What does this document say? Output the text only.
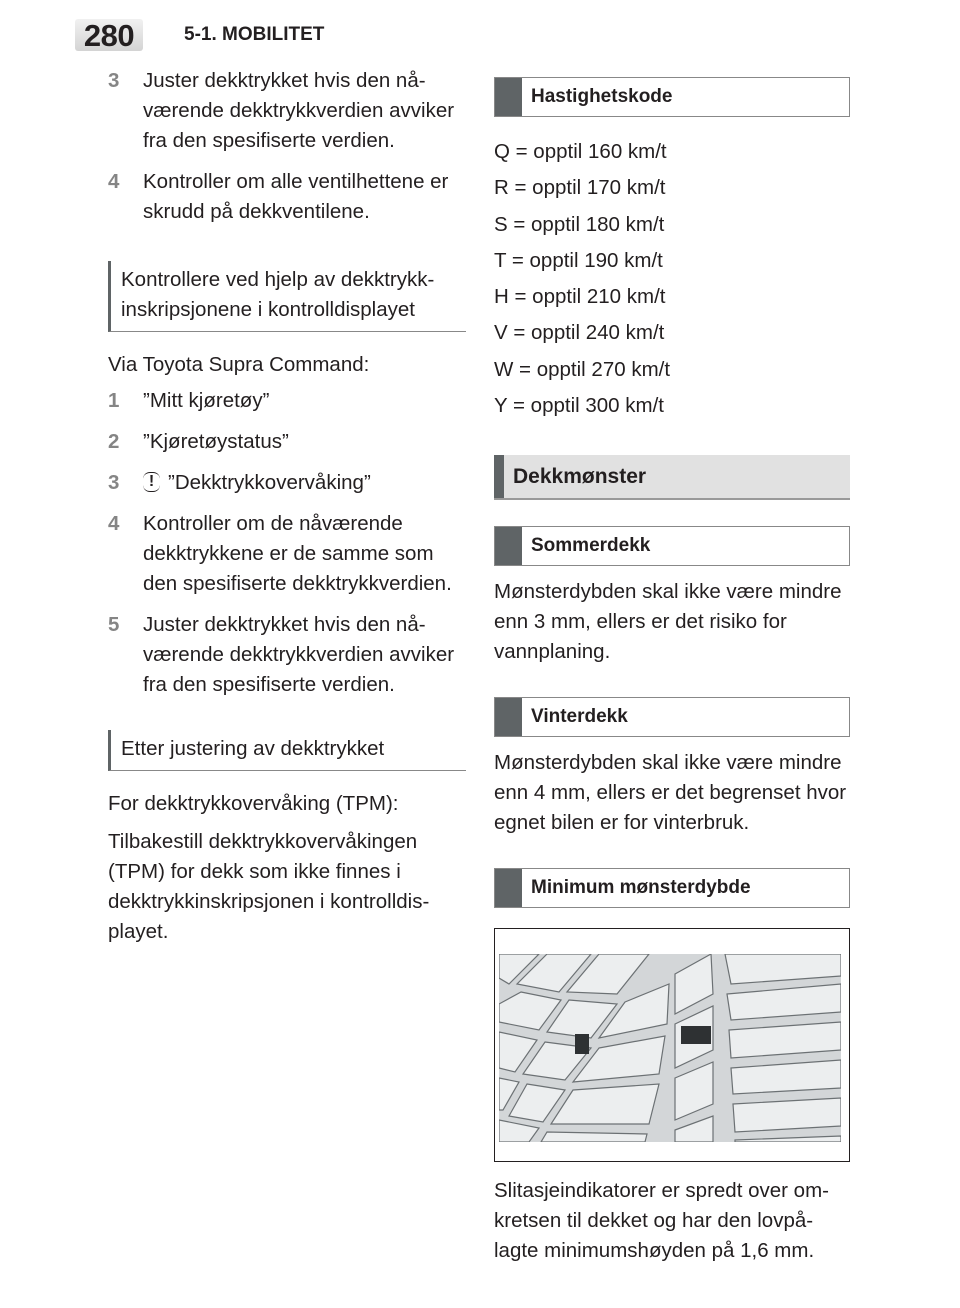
280	5-1. MOBILITET
3	Juster dekktrykket hvis den nåværende dekktrykkverdien avviker fra den spesifiserte verdien.
4	Kontroller om alle ventilhettene er skrudd på dekkventilene.
Kontrollere ved hjelp av dekktrykkinskripsjonene i kontrolldisplayet

Via Toyota Supra Command:

1	”Mitt kjøretøy”
2	”Kjøretøystatus”
3
!	”Dekktrykkovervåking”
4	Kontroller om de nåværende dekktrykkene er de samme som den spesifiserte dekktrykkverdien.
5	Juster dekktrykket hvis den nåværende dekktrykkverdien avviker fra den spesifiserte verdien.
Etter justering av dekktrykket

For dekktrykkovervåking (TPM):

Tilbakestill dekktrykkovervåkingen (TPM) for dekk som ikke finnes i dekktrykkinskripsjonen i kontrolldisplayet.

Hastighetskode
Q = opptil 160 km/t
R = opptil 170 km/t
S = opptil 180 km/t
T = opptil 190 km/t
H = opptil 210 km/t
V = opptil 240 km/t
W = opptil 270 km/t
Y = opptil 300 km/t
Dekkmønster
Sommerdekk

Mønsterdybden skal ikke være mindre enn 3 mm, ellers er det risiko for vannplaning.

Vinterdekk

Mønsterdybden skal ikke være mindre enn 4 mm, ellers er det begrenset hvor egnet bilen er for vinterbruk.

Minimum mønsterdybde

Slitasjeindikatorer er spredt over omkretsen til dekket og har den lovpålagte minimumshøyden på 1,6 mm.
